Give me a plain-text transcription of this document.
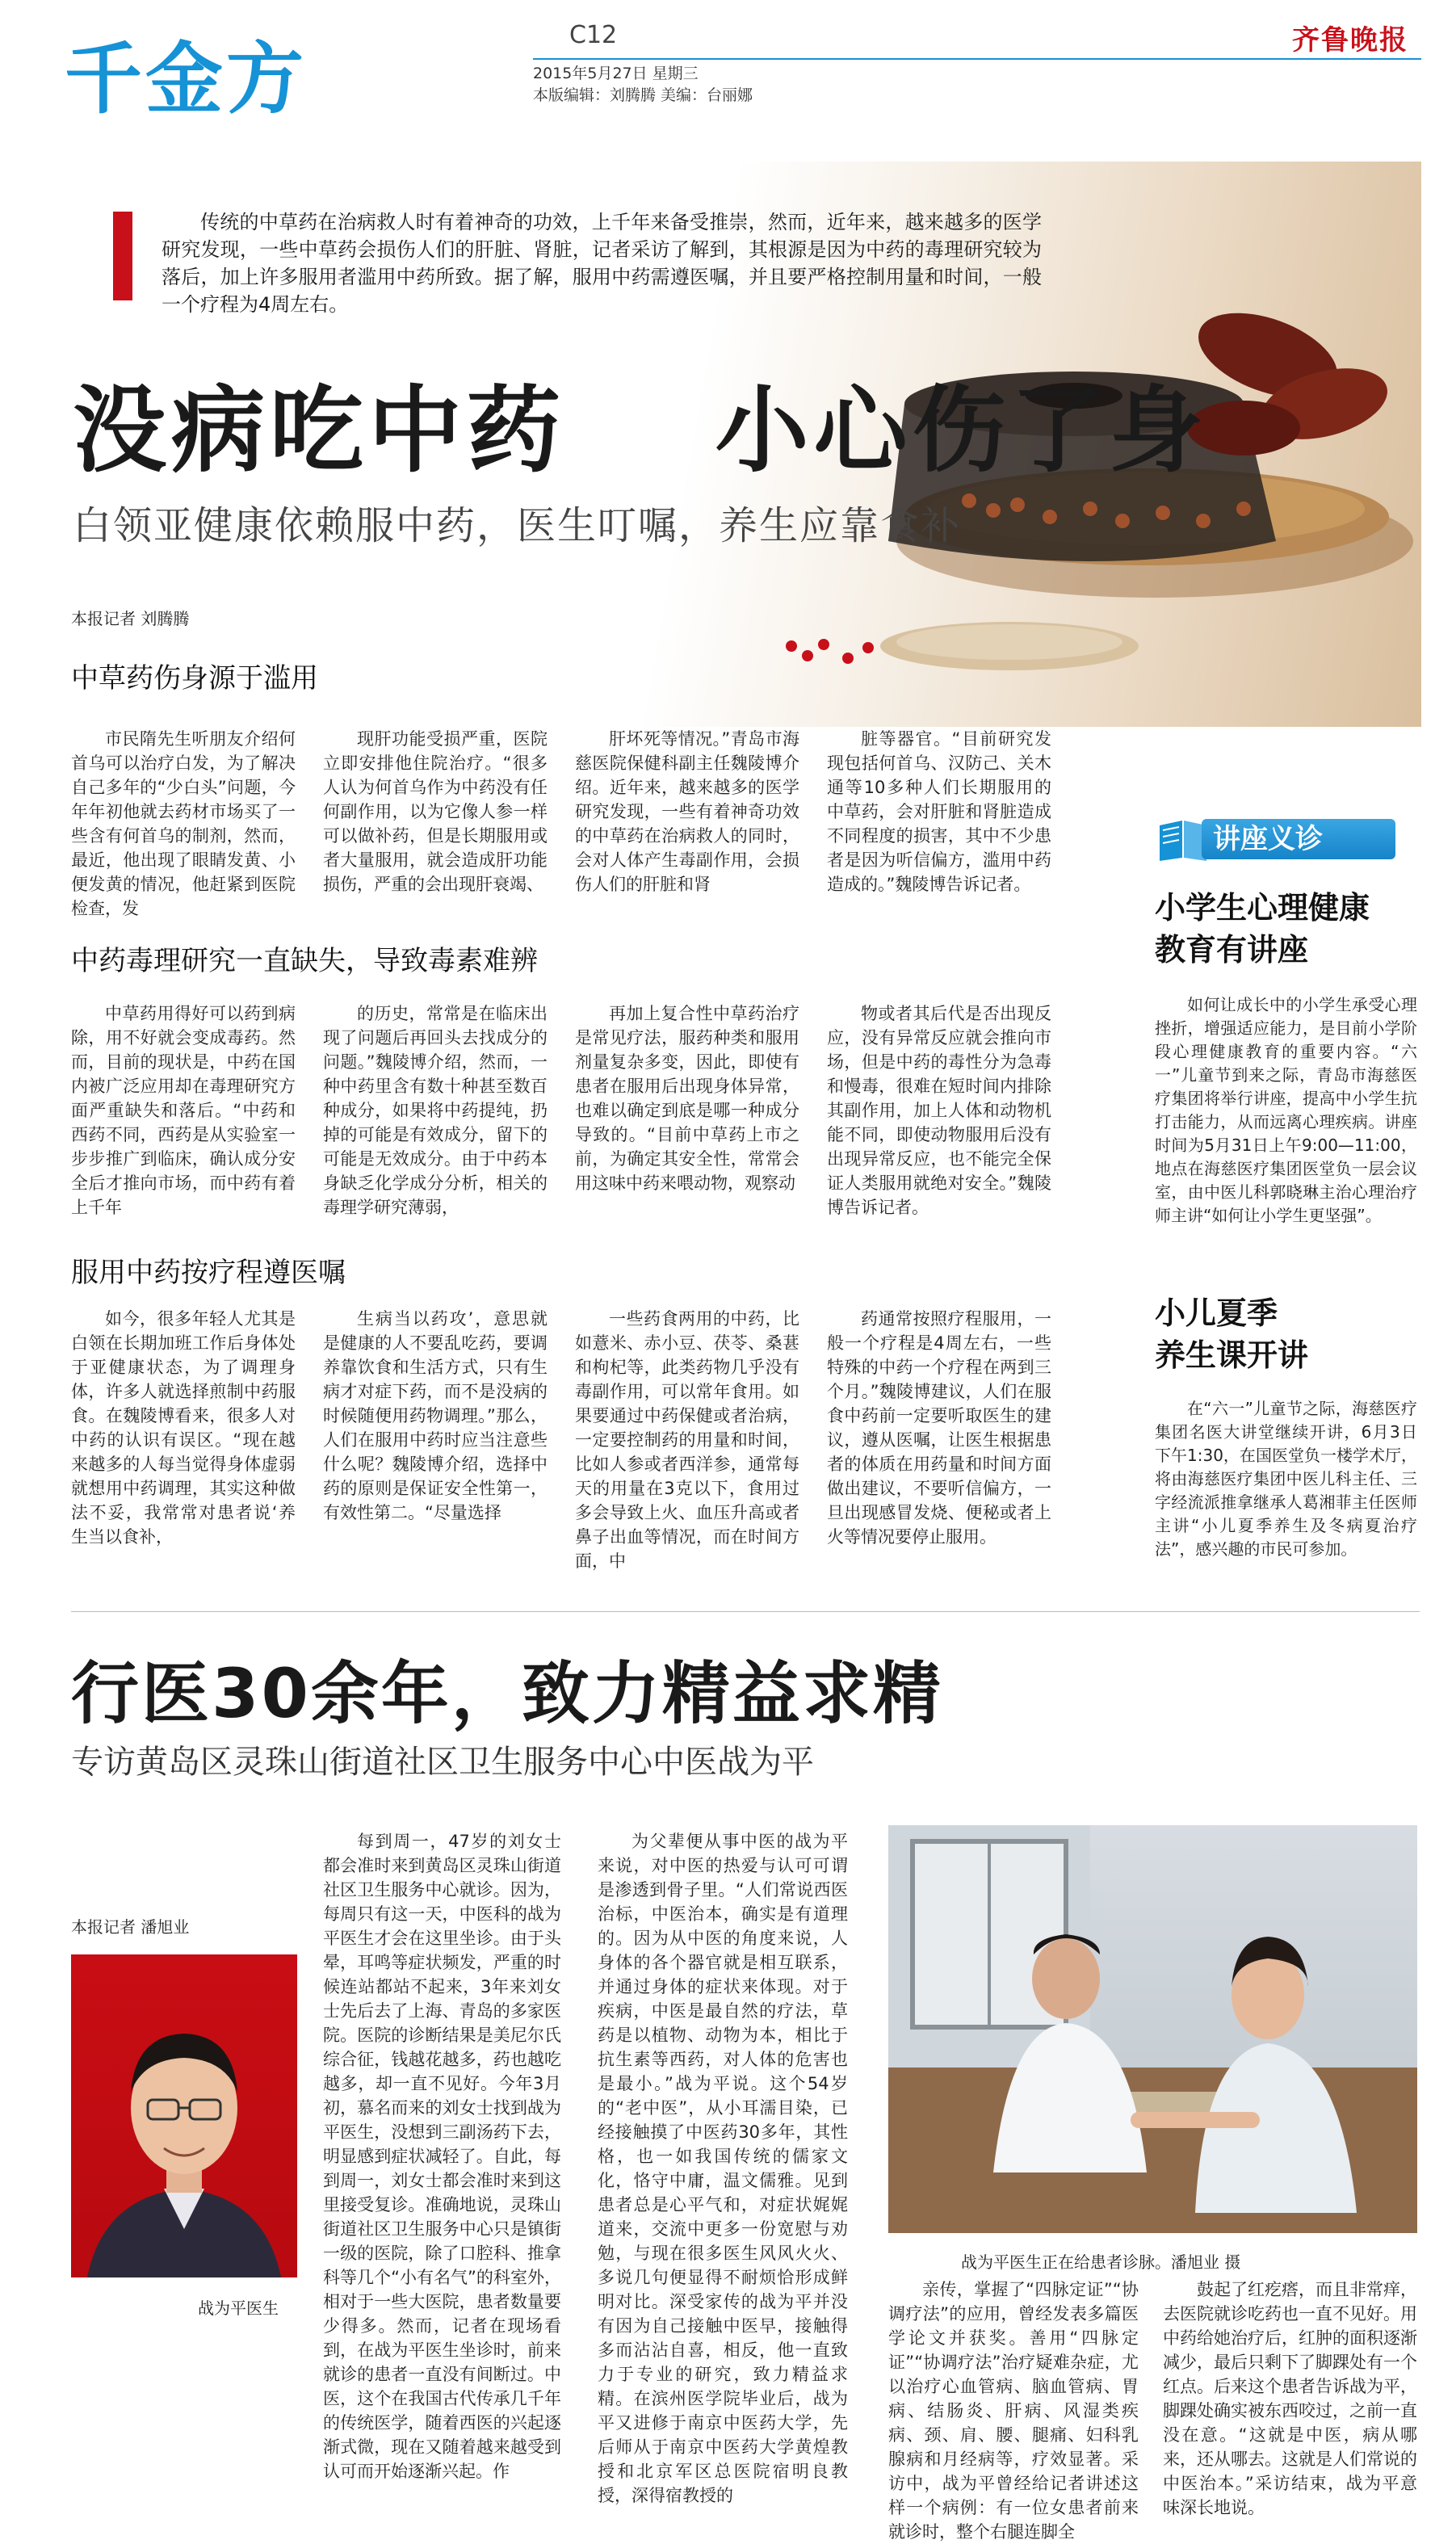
千金方	C12
2015年5月27日 星期三
本版编辑：刘腾腾 美编：台丽娜
齐鲁晚报

传统的中草药在治病救人时有着神奇的功效，上千年来备受推崇，然而，近年来，越来越多的医学研究发现，一些中草药会损伤人们的肝脏、肾脏，记者采访了解到，其根源是因为中药的毒理研究较为落后，加上许多服用者滥用中药所致。据了解，服用中药需遵医嘱，并且要严格控制用量和时间，一般一个疗程为4周左右。

没病吃中药    小心伤了身
白领亚健康依赖服中药，医生叮嘱，养生应靠食补
本报记者 刘腾腾
中草药伤身源于滥用

市民隋先生听朋友介绍何首乌可以治疗白发，为了解决自己多年的“少白头”问题，今年年初他就去药材市场买了一些含有何首乌的制剂，然而，最近，他出现了眼睛发黄、小便发黄的情况，他赶紧到医院检查，发

现肝功能受损严重，医院立即安排他住院治疗。“很多人认为何首乌作为中药没有任何副作用，以为它像人参一样可以做补药，但是长期服用或者大量服用，就会造成肝功能损伤，严重的会出现肝衰竭、

肝坏死等情况。”青岛市海慈医院保健科副主任魏陵博介绍。近年来，越来越多的医学研究发现，一些有着神奇功效的中草药在治病救人的同时，会对人体产生毒副作用，会损伤人们的肝脏和肾

脏等器官。“目前研究发现包括何首乌、汉防己、关木通等10多种人们长期服用的中草药，会对肝脏和肾脏造成不同程度的损害，其中不少患者是因为听信偏方，滥用中药造成的。”魏陵博告诉记者。

中药毒理研究一直缺失，导致毒素难辨

中草药用得好可以药到病除，用不好就会变成毒药。然而，目前的现状是，中药在国内被广泛应用却在毒理研究方面严重缺失和落后。“中药和西药不同，西药是从实验室一步步推广到临床，确认成分安全后才推向市场，而中药有着上千年

的历史，常常是在临床出现了问题后再回头去找成分的问题。”魏陵博介绍，然而，一种中药里含有数十种甚至数百种成分，如果将中药提纯，扔掉的可能是有效成分，留下的可能是无效成分。由于中药本身缺乏化学成分分析，相关的毒理学研究薄弱，

再加上复合性中草药治疗是常见疗法，服药种类和服用剂量复杂多变，因此，即使有患者在服用后出现身体异常，也难以确定到底是哪一种成分导致的。“目前中草药上市之前，为确定其安全性，常常会用这味中药来喂动物，观察动

物或者其后代是否出现反应，没有异常反应就会推向市场，但是中药的毒性分为急毒和慢毒，很难在短时间内排除其副作用，加上人体和动物机能不同，即使动物服用后没有出现异常反应，也不能完全保证人类服用就绝对安全。”魏陵博告诉记者。

服用中药按疗程遵医嘱

如今，很多年轻人尤其是白领在长期加班工作后身体处于亚健康状态，为了调理身体，许多人就选择煎制中药服食。在魏陵博看来，很多人对中药的认识有误区。“现在越来越多的人每当觉得身体虚弱就想用中药调理，其实这种做法不妥，我常常对患者说‘养生当以食补，

生病当以药攻’，意思就是健康的人不要乱吃药，要调养靠饮食和生活方式，只有生病才对症下药，而不是没病的时候随便用药物调理。”那么，人们在服用中药时应当注意些什么呢？魏陵博介绍，选择中药的原则是保证安全性第一，有效性第二。“尽量选择

一些药食两用的中药，比如薏米、赤小豆、茯苓、桑葚和枸杞等，此类药物几乎没有毒副作用，可以常年食用。如果要通过中药保健或者治病，一定要控制药的用量和时间，比如人参或者西洋参，通常每天的用量在3克以下，食用过多会导致上火、血压升高或者鼻子出血等情况，而在时间方面，中

药通常按照疗程服用，一般一个疗程是4周左右，一些特殊的中药一个疗程在两到三个月。”魏陵博建议，人们在服食中药前一定要听取医生的建议，遵从医嘱，让医生根据患者的体质在用药量和时间方面做出建议，不要听信偏方，一旦出现感冒发烧、便秘或者上火等情况要停止服用。

讲座义诊
小学生心理健康
教育有讲座

如何让成长中的小学生承受心理挫折，增强适应能力，是目前小学阶段心理健康教育的重要内容。“六一”儿童节到来之际，青岛市海慈医疗集团将举行讲座，提高中小学生抗打击能力，从而远离心理疾病。讲座时间为5月31日上午9:00—11:00，地点在海慈医疗集团医堂负一层会议室，由中医儿科郭晓琳主治心理治疗师主讲“如何让小学生更坚强”。

小儿夏季
养生课开讲

在“六一”儿童节之际，海慈医疗集团名医大讲堂继续开讲，6月3日下午1:30，在国医堂负一楼学术厅，将由海慈医疗集团中医儿科主任、三字经流派推拿继承人葛湘菲主任医师主讲“小儿夏季养生及冬病夏治疗法”，感兴趣的市民可参加。

行医30余年，致力精益求精
专访黄岛区灵珠山街道社区卫生服务中心中医战为平
本报记者 潘旭业
战为平医生

每到周一，47岁的刘女士都会准时来到黄岛区灵珠山街道社区卫生服务中心就诊。因为，每周只有这一天，中医科的战为平医生才会在这里坐诊。由于头晕，耳鸣等症状频发，严重的时候连站都站不起来，3年来刘女士先后去了上海、青岛的多家医院。医院的诊断结果是美尼尔氏综合征，钱越花越多，药也越吃越多，却一直不见好。今年3月初，慕名而来的刘女士找到战为平医生，没想到三副汤药下去，明显感到症状减轻了。自此，每到周一，刘女士都会准时来到这里接受复诊。准确地说，灵珠山街道社区卫生服务中心只是镇街一级的医院，除了口腔科、推拿科等几个“小有名气”的科室外，相对于一些大医院，患者数量要少得多。然而，记者在现场看到，在战为平医生坐诊时，前来就诊的患者一直没有间断过。中医，这个在我国古代传承几千年的传统医学，随着西医的兴起逐渐式微，现在又随着越来越受到认可而开始逐渐兴起。作

为父辈便从事中医的战为平来说，对中医的热爱与认可可谓是渗透到骨子里。“人们常说西医治标，中医治本，确实是有道理的。因为从中医的角度来说，人身体的各个器官就是相互联系，并通过身体的症状来体现。对于疾病，中医是最自然的疗法，草药是以植物、动物为本，相比于抗生素等西药，对人体的危害也是最小。”战为平说。这个54岁的“老中医”，从小耳濡目染，已经接触摸了中医药30多年，其性格，也一如我国传统的儒家文化，恪守中庸，温文儒雅。见到患者总是心平气和，对症状娓娓道来，交流中更多一份宽慰与劝勉，与现在很多医生风风火火、多说几句便显得不耐烦恰形成鲜明对比。深受家传的战为平并没有因为自己接触中医早，接触得多而沾沾自喜，相反，他一直致力于专业的研究，致力精益求精。在滨州医学院毕业后，战为平又进修于南京中医药大学，先后师从于南京中医药大学黄煌教授和北京军区总医院宿明良教授，深得宿教授的

战为平医生正在给患者诊脉。潘旭业 摄

亲传，掌握了“四脉定证”“协调疗法”的应用，曾经发表多篇医学论文并获奖。善用“四脉定证”“协调疗法”治疗疑难杂症，尤以治疗心血管病、脑血管病、胃病、结肠炎、肝病、风湿类疾病、颈、肩、腰、腿痛、妇科乳腺病和月经病等，疗效显著。采访中，战为平曾经给记者讲述这样一个病例：有一位女患者前来就诊时，整个右腿连脚全

鼓起了红疙瘩，而且非常痒，去医院就诊吃药也一直不见好。用中药给她治疗后，红肿的面积逐渐减少，最后只剩下了脚踝处有一个红点。后来这个患者告诉战为平，脚踝处确实被东西咬过，之前一直没在意。“这就是中医，病从哪来，还从哪去。这就是人们常说的中医治本。”采访结束，战为平意味深长地说。
